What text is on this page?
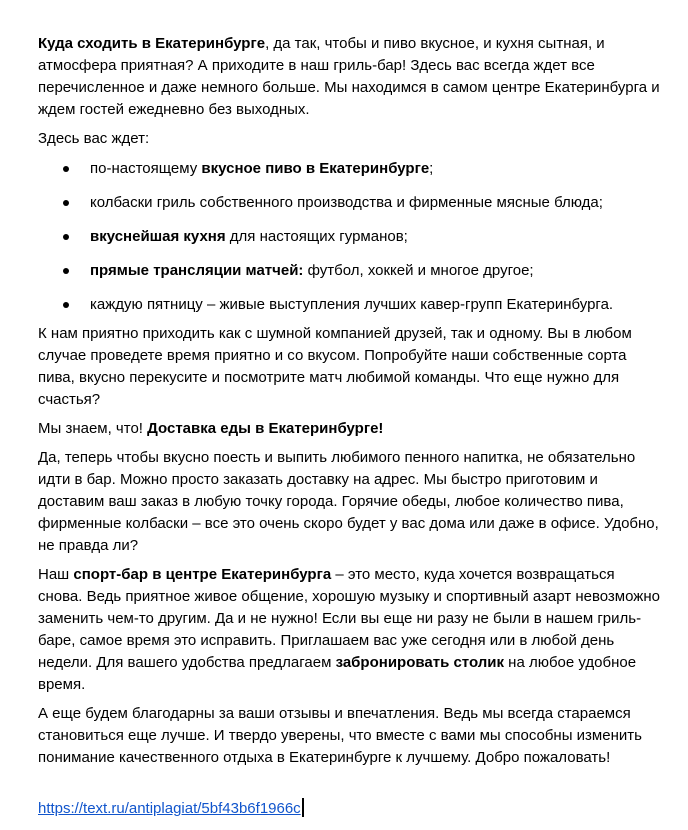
Куда сходить в Екатеринбурге, да так, чтобы и пиво вкусное, и кухня сытная, и атмосфера приятная? А приходите в наш гриль-бар! Здесь вас всегда ждет все перечисленное и даже немного больше. Мы находимся в самом центре Екатеринбурга и ждем гостей ежедневно без выходных.

Здесь вас ждет:

по-настоящему вкусное пиво в Екатеринбурге;
колбаски гриль собственного производства и фирменные мясные блюда;
вкуснейшая кухня для настоящих гурманов;
прямые трансляции матчей: футбол, хоккей и многое другое;
каждую пятницу – живые выступления лучших кавер-групп Екатеринбурга.

К нам приятно приходить как с шумной компанией друзей, так и одному. Вы в любом случае проведете время приятно и со вкусом. Попробуйте наши собственные сорта пива, вкусно перекусите и посмотрите матч любимой команды. Что еще нужно для счастья?

Мы знаем, что! Доставка еды в Екатеринбурге!

Да, теперь чтобы вкусно поесть и выпить любимого пенного напитка, не обязательно идти в бар. Можно просто заказать доставку на адрес. Мы быстро приготовим и доставим ваш заказ в любую точку города. Горячие обеды, любое количество пива, фирменные колбаски – все это очень скоро будет у вас дома или даже в офисе. Удобно, не правда ли?

Наш спорт-бар в центре Екатеринбурга – это место, куда хочется возвращаться снова. Ведь приятное живое общение, хорошую музыку и спортивный азарт невозможно заменить чем-то другим. Да и не нужно! Если вы еще ни разу не были в нашем гриль-баре, самое время это исправить. Приглашаем вас уже сегодня или в любой день недели. Для вашего удобства предлагаем забронировать столик на любое удобное время.

А еще будем благодарны за ваши отзывы и впечатления. Ведь мы всегда стараемся становиться еще лучше. И твердо уверены, что вместе с вами мы способны изменить понимание качественного отдыха в Екатеринбурге к лучшему. Добро пожаловать!

https://text.ru/antiplagiat/5bf43b6f1966c
